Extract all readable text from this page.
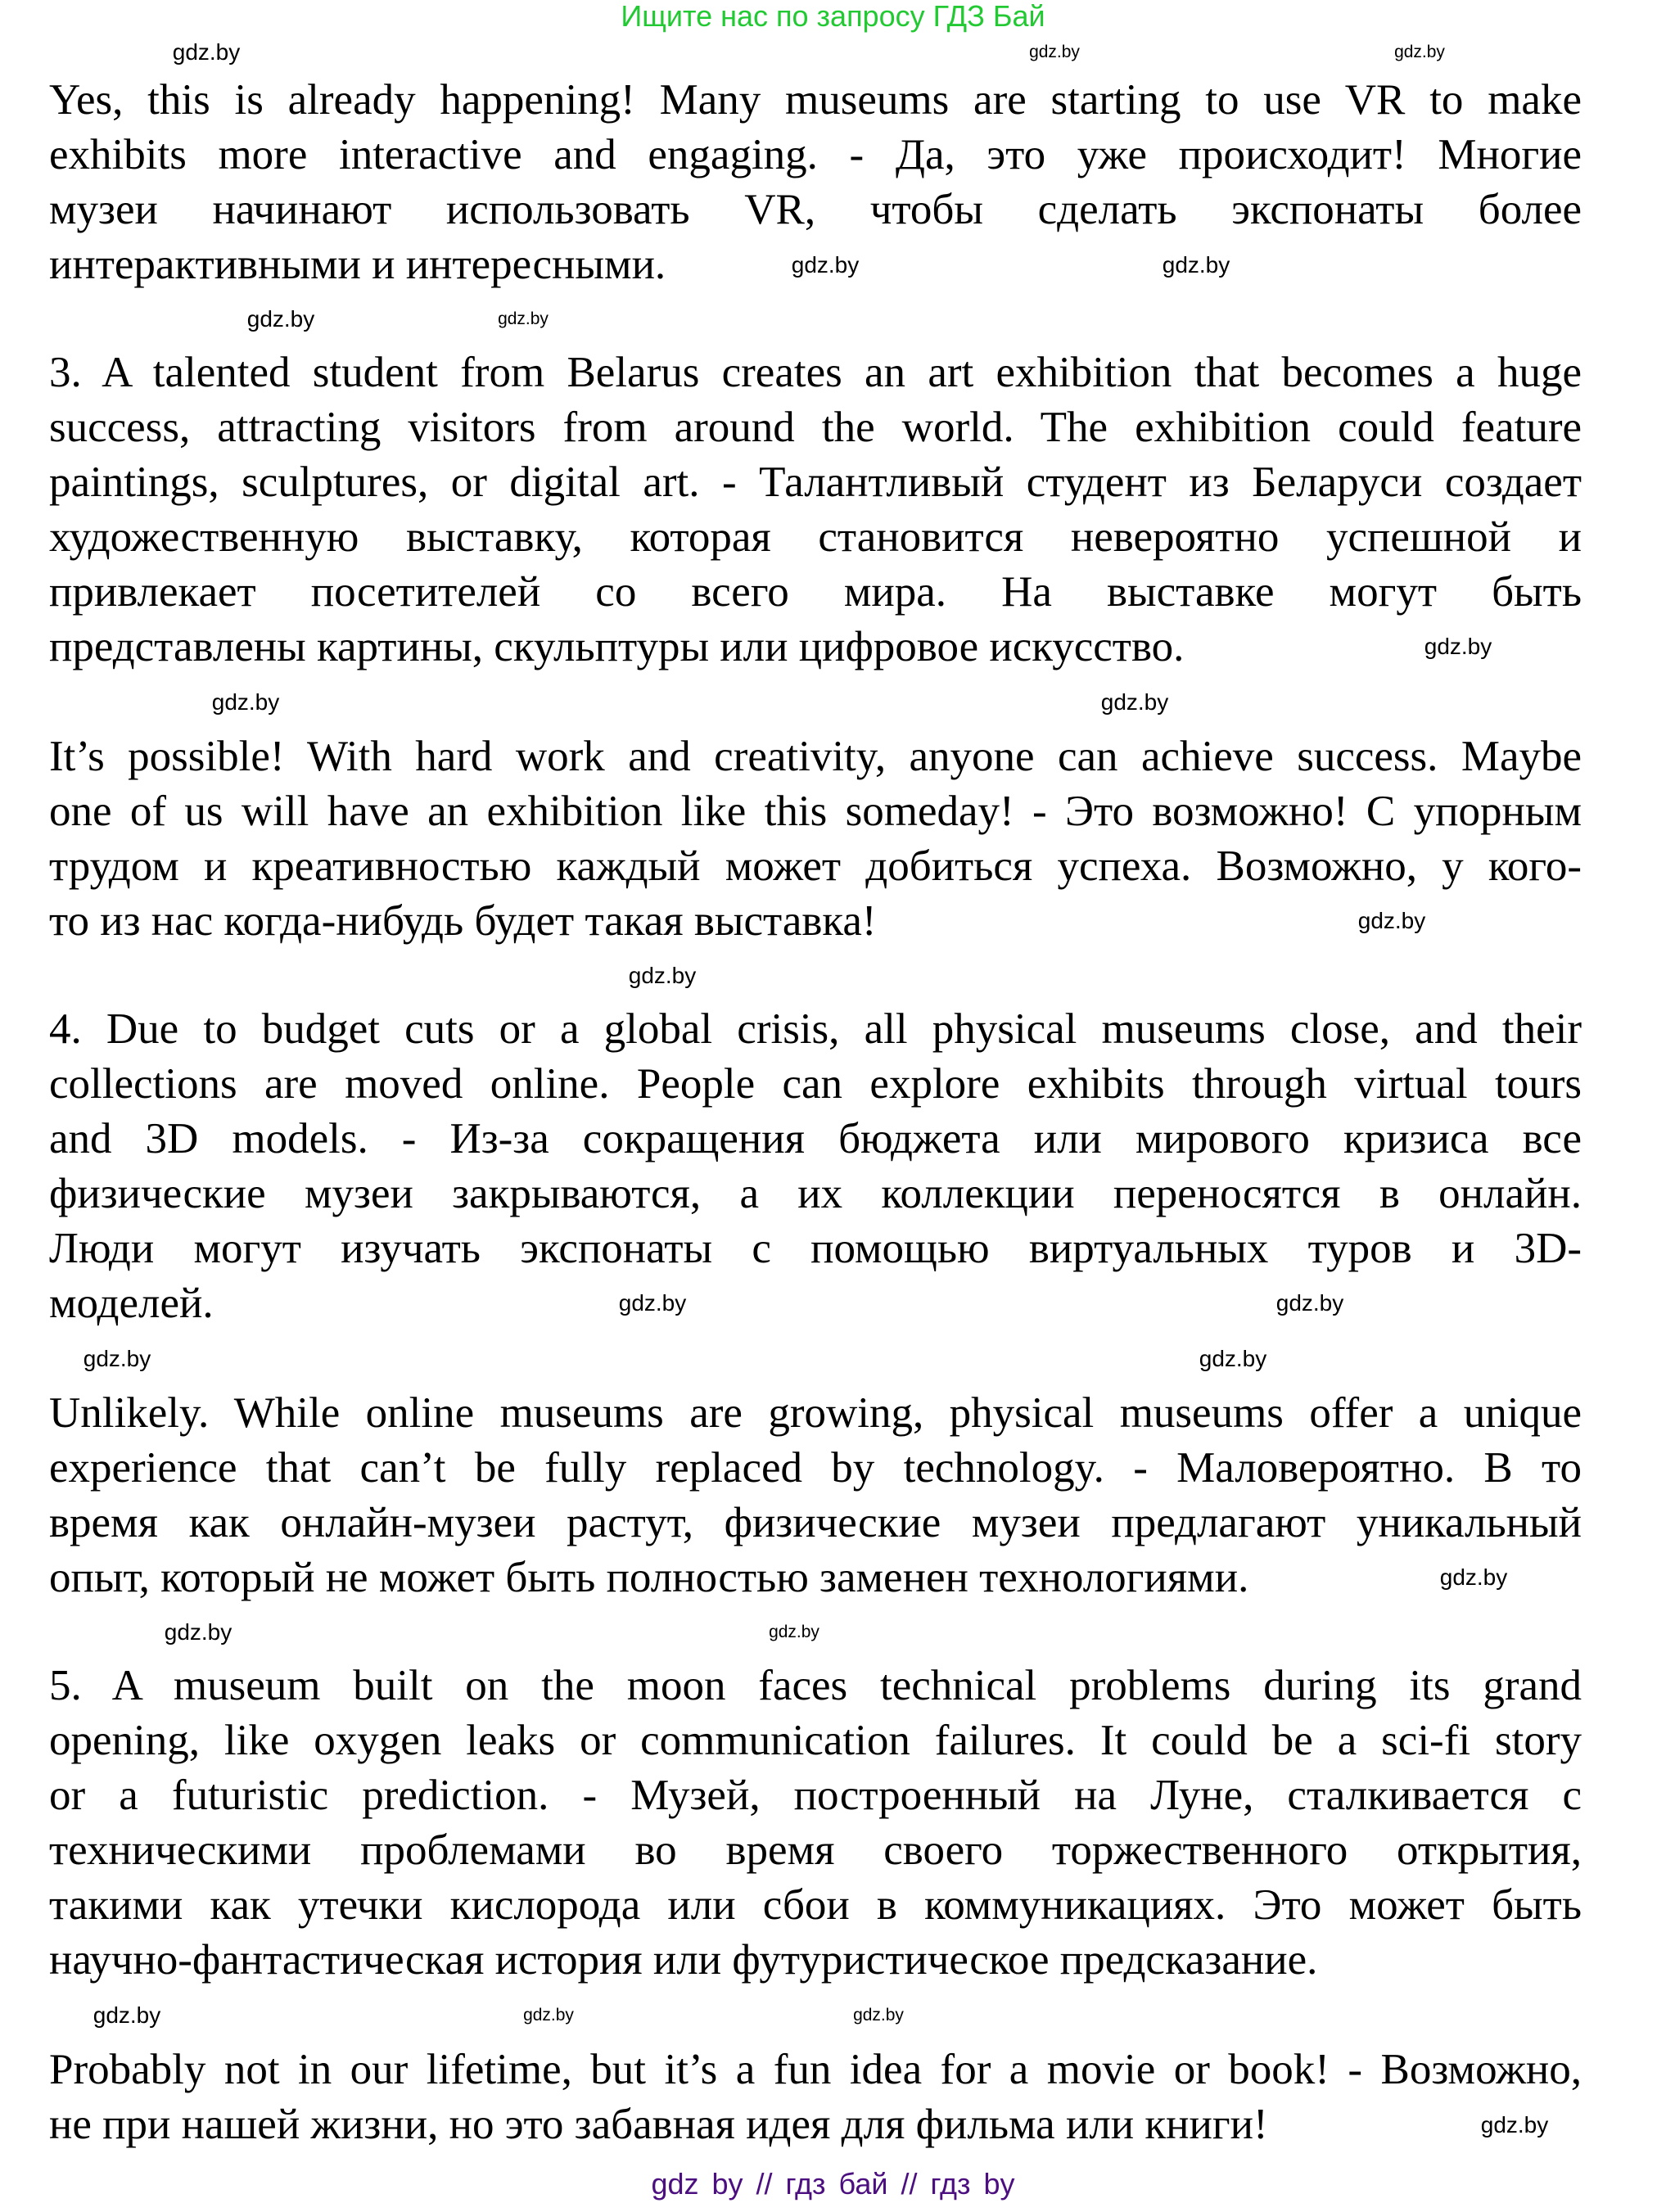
Ищите нас по запросу ГДЗ Бай
Yes, this is already happening! Many museums are starting to use VR to make
exhibits more interactive and engaging. - Да, это уже происходит! Многие
музеи начинают использовать VR, чтобы сделать экспонаты более
интерактивными и интересными.
3. A talented student from Belarus creates an art exhibition that becomes a huge
success, attracting visitors from around the world. The exhibition could feature
paintings, sculptures, or digital art. - Талантливый студент из Беларуси создает
художественную выставку, которая становится невероятно успешной и
привлекает посетителей со всего мира. На выставке могут быть
представлены картины, скульптуры или цифровое искусство.
It’s possible! With hard work and creativity, anyone can achieve success. Maybe
one of us will have an exhibition like this someday! - Это возможно! С упорным
трудом и креативностью каждый может добиться успеха. Возможно, у кого-
то из нас когда-нибудь будет такая выставка!
4. Due to budget cuts or a global crisis, all physical museums close, and their
collections are moved online. People can explore exhibits through virtual tours
and 3D models. - Из-за сокращения бюджета или мирового кризиса все
физические музеи закрываются, а их коллекции переносятся в онлайн.
Люди могут изучать экспонаты с помощью виртуальных туров и 3D-
моделей.
Unlikely. While online museums are growing, physical museums offer a unique
experience that can’t be fully replaced by technology. - Маловероятно. В то
время как онлайн-музеи растут, физические музеи предлагают уникальный
опыт, который не может быть полностью заменен технологиями.
5. A museum built on the moon faces technical problems during its grand
opening, like oxygen leaks or communication failures. It could be a sci-fi story
or a futuristic prediction. - Музей, построенный на Луне, сталкивается с
техническими проблемами во время своего торжественного открытия,
такими как утечки кислорода или сбои в коммуникациях. Это может быть
научно-фантастическая история или футуристическое предсказание.
Probably not in our lifetime, but it’s a fun idea for a movie or book! - Возможно,
не при нашей жизни, но это забавная идея для фильма или книги!
gdz.by	gdz.by	gdz.by
gdz.by	gdz.by
gdz.by	gdz.by
gdz.by
gdz.by
gdz.by
gdz.by
gdz.by
gdz.by
gdz.by
gdz.by	gdz.by
gdz.by
gdz.by	gdz.by
gdz.by
gdz.by	gdz.by
gdz.by
gdz by // гдз бай // гдз by
